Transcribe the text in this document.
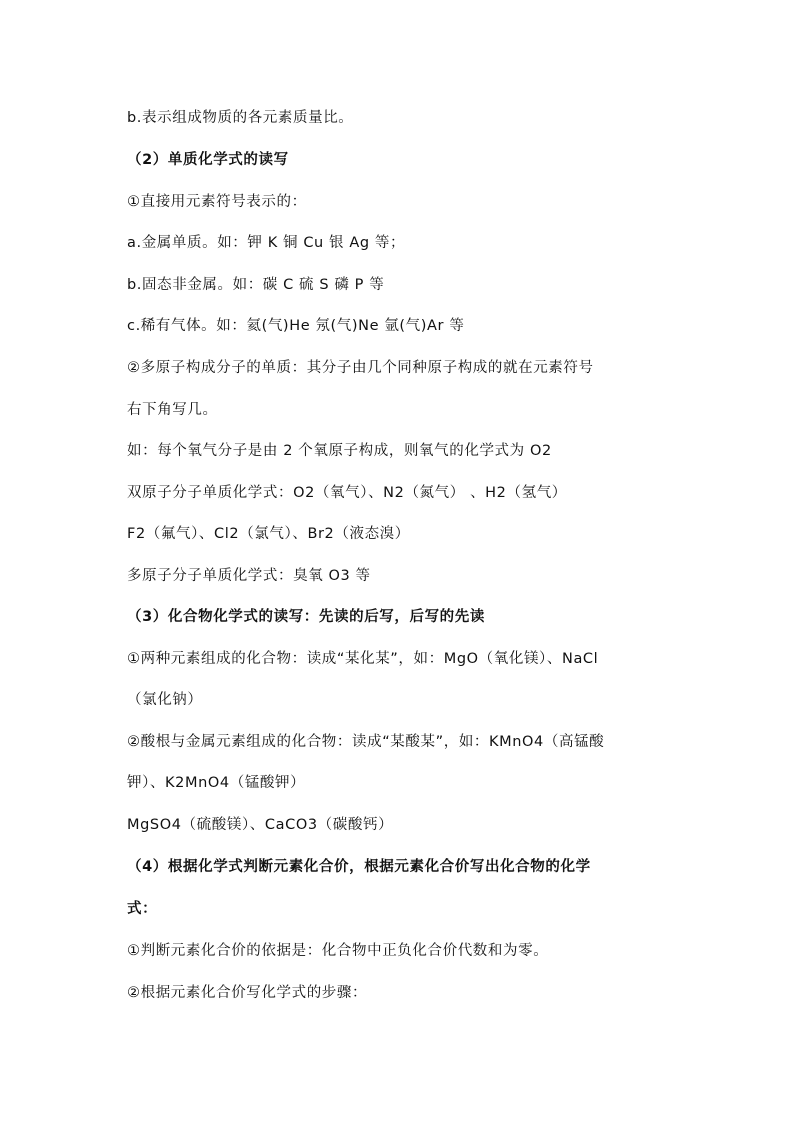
b.表示组成物质的各元素质量比。
（2）单质化学式的读写
①直接用元素符号表示的：
a.金属单质。如：钾 K 铜 Cu 银 Ag 等；
b.固态非金属。如：碳 C 硫 S 磷 P 等
c.稀有气体。如：氦(气)He 氖(气)Ne 氩(气)Ar 等
②多原子构成分子的单质：其分子由几个同种原子构成的就在元素符号
右下角写几。
如：每个氧气分子是由 2 个氧原子构成，则氧气的化学式为 O2
双原子分子单质化学式：O2（氧气）、N2（氮气） 、H2（氢气）
F2（氟气）、Cl2（氯气）、Br2（液态溴）
多原子分子单质化学式：臭氧 O3 等
（3）化合物化学式的读写：先读的后写，后写的先读
①两种元素组成的化合物：读成“某化某”，如：MgO（氧化镁）、NaCl
（氯化钠）
②酸根与金属元素组成的化合物：读成“某酸某”，如：KMnO4（高锰酸
钾）、K2MnO4（锰酸钾）
MgSO4（硫酸镁）、CaCO3（碳酸钙）
（4）根据化学式判断元素化合价，根据元素化合价写出化合物的化学
式：
①判断元素化合价的依据是：化合物中正负化合价代数和为零。
②根据元素化合价写化学式的步骤：
